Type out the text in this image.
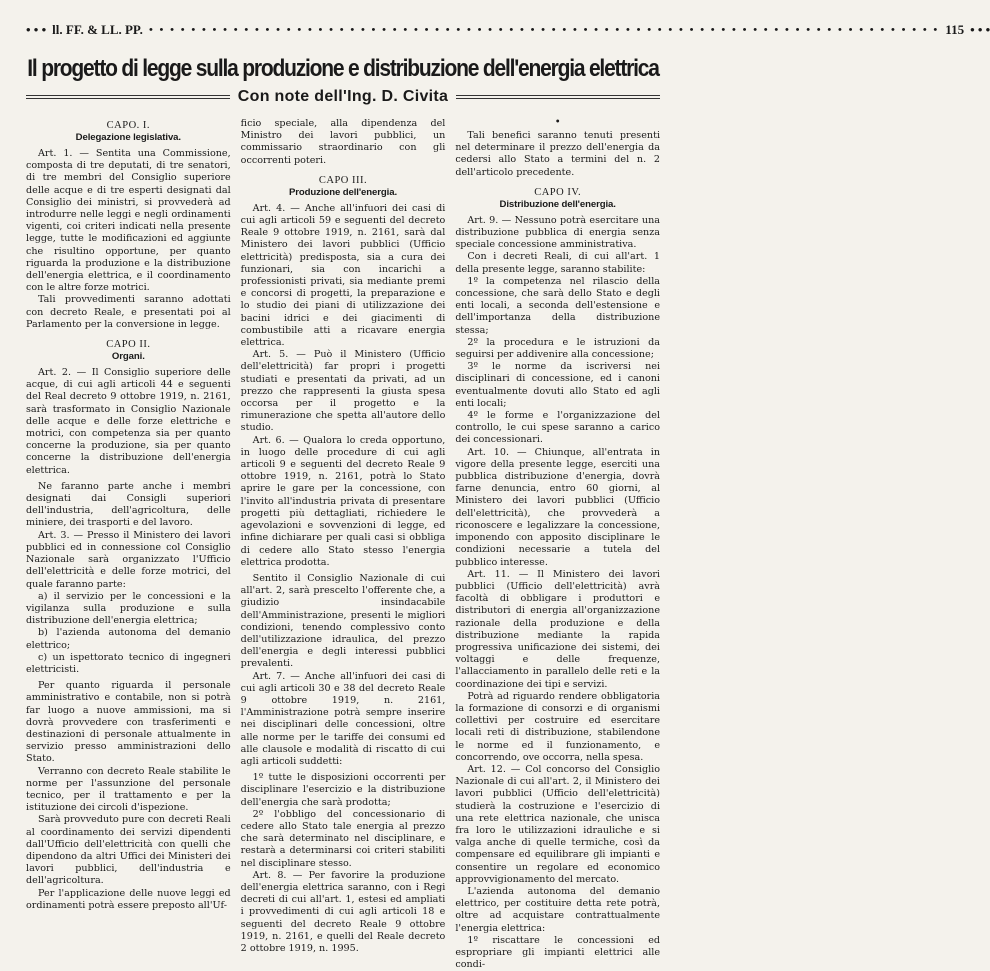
• • • ll. FF. & LL. PP. • • • • • • • • • • • • • • • • • • • • • • • • • • • • • • • • • • • • • • • • • • • • • • • • • • • • • • • • • • • • • • • • • • • • • • • • • • • 115 • • •
Il progetto di legge sulla produzione e distribuzione dell'energia elettrica
Con note dell'Ing. D. Civita
CAPO. I.
Delegazione legislativa.

Art. 1. — Sentita una Commissione, composta di tre deputati, di tre senatori, di tre membri del Consiglio superiore delle acque e di tre esperti designati dal Consiglio dei ministri, si provvederà ad introdurre nelle leggi e negli ordinamenti vigenti, coi criteri indicati nella presente legge, tutte le modificazioni ed aggiunte che risultino opportune, per quanto riguarda la produzione e la distribuzione dell'energia elettrica, e il coordinamento con le altre forze motrici.

Tali provvedimenti saranno adottati con decreto Reale, e presentati poi al Parlamento per la conversione in legge.

CAPO II.
Organi.

Art. 2. — Il Consiglio superiore delle acque, di cui agli articoli 44 e seguenti del Real decreto 9 ottobre 1919, n. 2161, sarà trasformato in Consiglio Nazionale delle acque e delle forze elettriche e motrici, con competenza sia per quanto concerne la produzione, sia per quanto concerne la distribuzione dell'energia elettrica.

Ne faranno parte anche i membri designati dai Consigli superiori dell'industria, dell'agricoltura, delle miniere, dei trasporti e del lavoro.

Art. 3. — Presso il Ministero dei lavori pubblici ed in connessione col Consiglio Nazionale sarà organizzato l'Ufficio dell'elettricità e delle forze motrici, del quale faranno parte:

a) il servizio per le concessioni e la vigilanza sulla produzione e sulla distribuzione dell'energia elettrica;

b) l'azienda autonoma del demanio elettrico;

c) un ispettorato tecnico di ingegneri elettricisti.

Per quanto riguarda il personale amministrativo e contabile, non si potrà far luogo a nuove ammissioni, ma si dovrà provvedere con trasferimenti e destinazioni di personale attualmente in servizio presso amministrazioni dello Stato.

Verranno con decreto Reale stabilite le norme per l'assunzione del personale tecnico, per il trattamento e per la istituzione dei circoli d'ispezione.

Sarà provveduto pure con decreti Reali al coordinamento dei servizi dipendenti dall'Ufficio dell'elettricità con quelli che dipendono da altri Uffici dei Ministeri dei lavori pubblici, dell'industria e dell'agricoltura.

Per l'applicazione delle nuove leggi ed ordinamenti potrà essere preposto all'Uf-

ficio speciale, alla dipendenza del Ministro dei lavori pubblici, un commissario straordinario con gli occorrenti poteri.

CAPO III.
Produzione dell'energia.

Art. 4. — Anche all'infuori dei casi di cui agli articoli 59 e seguenti del decreto Reale 9 ottobre 1919, n. 2161, sarà dal Ministero dei lavori pubblici (Ufficio elettricità) predisposta, sia a cura dei funzionari, sia con incarichi a professionisti privati, sia mediante premi e concorsi di progetti, la preparazione e lo studio dei piani di utilizzazione dei bacini idrici e dei giacimenti di combustibile atti a ricavare energia elettrica.

Art. 5. — Può il Ministero (Ufficio dell'elettricità) far propri i progetti studiati e presentati da privati, ad un prezzo che rappresenti la giusta spesa occorsa per il progetto e la rimunerazione che spetta all'autore dello studio.

Art. 6. — Qualora lo creda opportuno, in luogo delle procedure di cui agli articoli 9 e seguenti del decreto Reale 9 ottobre 1919, n. 2161, potrà lo Stato aprire le gare per la concessione, con l'invito all'industria privata di presentare progetti più dettagliati, richiedere le agevolazioni e sovvenzioni di legge, ed infine dichiarare per quali casi si obbliga di cedere allo Stato stesso l'energia elettrica prodotta.

Sentito il Consiglio Nazionale di cui all'art. 2, sarà prescelto l'offerente che, a giudizio insindacabile dell'Amministrazione, presenti le migliori condizioni, tenendo complessivo conto dell'utilizzazione idraulica, del prezzo dell'energia e degli interessi pubblici prevalenti.

Art. 7. — Anche all'infuori dei casi di cui agli articoli 30 e 38 del decreto Reale 9 ottobre 1919, n. 2161, l'Amministrazione potrà sempre inserire nei disciplinari delle concessioni, oltre alle norme per le tariffe dei consumi ed alle clausole e modalità di riscatto di cui agli articoli suddetti:

1º tutte le disposizioni occorrenti per disciplinare l'esercizio e la distribuzione dell'energia che sarà prodotta;

2º l'obbligo del concessionario di cedere allo Stato tale energia al prezzo che sarà determinato nel disciplinare, e restarà a determinarsi coi criteri stabiliti nel disciplinare stesso.

Art. 8. — Per favorire la produzione dell'energia elettrica saranno, con i Regi decreti di cui all'art. 1, estesi ed ampliati i provvedimenti di cui agli articoli 18 e seguenti del decreto Reale 9 ottobre 1919, n. 2161, e quelli del Reale decreto 2 ottobre 1919, n. 1995.

•

Tali benefici saranno tenuti presenti nel determinare il prezzo dell'energia da cedersi allo Stato a termini del n. 2 dell'articolo precedente.

CAPO IV.
Distribuzione dell'energia.

Art. 9. — Nessuno potrà esercitare una distribuzione pubblica di energia senza speciale concessione amministrativa.

Con i decreti Reali, di cui all'art. 1 della presente legge, saranno stabilite:

1º la competenza nel rilascio della concessione, che sarà dello Stato e degli enti locali, a seconda dell'estensione e dell'importanza della distribuzione stessa;

2º la procedura e le istruzioni da seguirsi per addivenire alla concessione;

3º le norme da iscriversi nei disciplinari di concessione, ed i canoni eventualmente dovuti allo Stato ed agli enti locali;

4º le forme e l'organizzazione del controllo, le cui spese saranno a carico dei concessionari.

Art. 10. — Chiunque, all'entrata in vigore della presente legge, eserciti una pubblica distribuzione d'energia, dovrà farne denuncia, entro 60 giorni, al Ministero dei lavori pubblici (Ufficio dell'elettricità), che provvederà a riconoscere e legalizzare la concessione, imponendo con apposito disciplinare le condizioni necessarie a tutela del pubblico interesse.

Art. 11. — Il Ministero dei lavori pubblici (Ufficio dell'elettricità) avrà facoltà di obbligare i produttori e distributori di energia all'organizzazione razionale della produzione e della distribuzione mediante la rapida progressiva unificazione dei sistemi, dei voltaggi e delle frequenze, l'allacciamento in parallelo delle reti e la coordinazione dei tipi e servizi.

Potrà ad riguardo rendere obbligatoria la formazione di consorzi e di organismi collettivi per costruire ed esercitare locali reti di distribuzione, stabilendone le norme ed il funzionamento, e concorrendo, ove occorra, nella spesa.

Art. 12. — Col concorso del Consiglio Nazionale di cui all'art. 2, il Ministero dei lavori pubblici (Ufficio dell'elettricità) studierà la costruzione e l'esercizio di una rete elettrica nazionale, che unisca fra loro le utilizzazioni idrauliche e si valga anche di quelle termiche, così da compensare ed equilibrare gli impianti e consentire un regolare ed economico approvvigionamento del mercato.

L'azienda autonoma del demanio elettrico, per costituire detta rete potrà, oltre ad acquistare contrattualmente l'energia elettrica:

1º riscattare le concessioni ed espropriare gli impianti elettrici alle condi-
